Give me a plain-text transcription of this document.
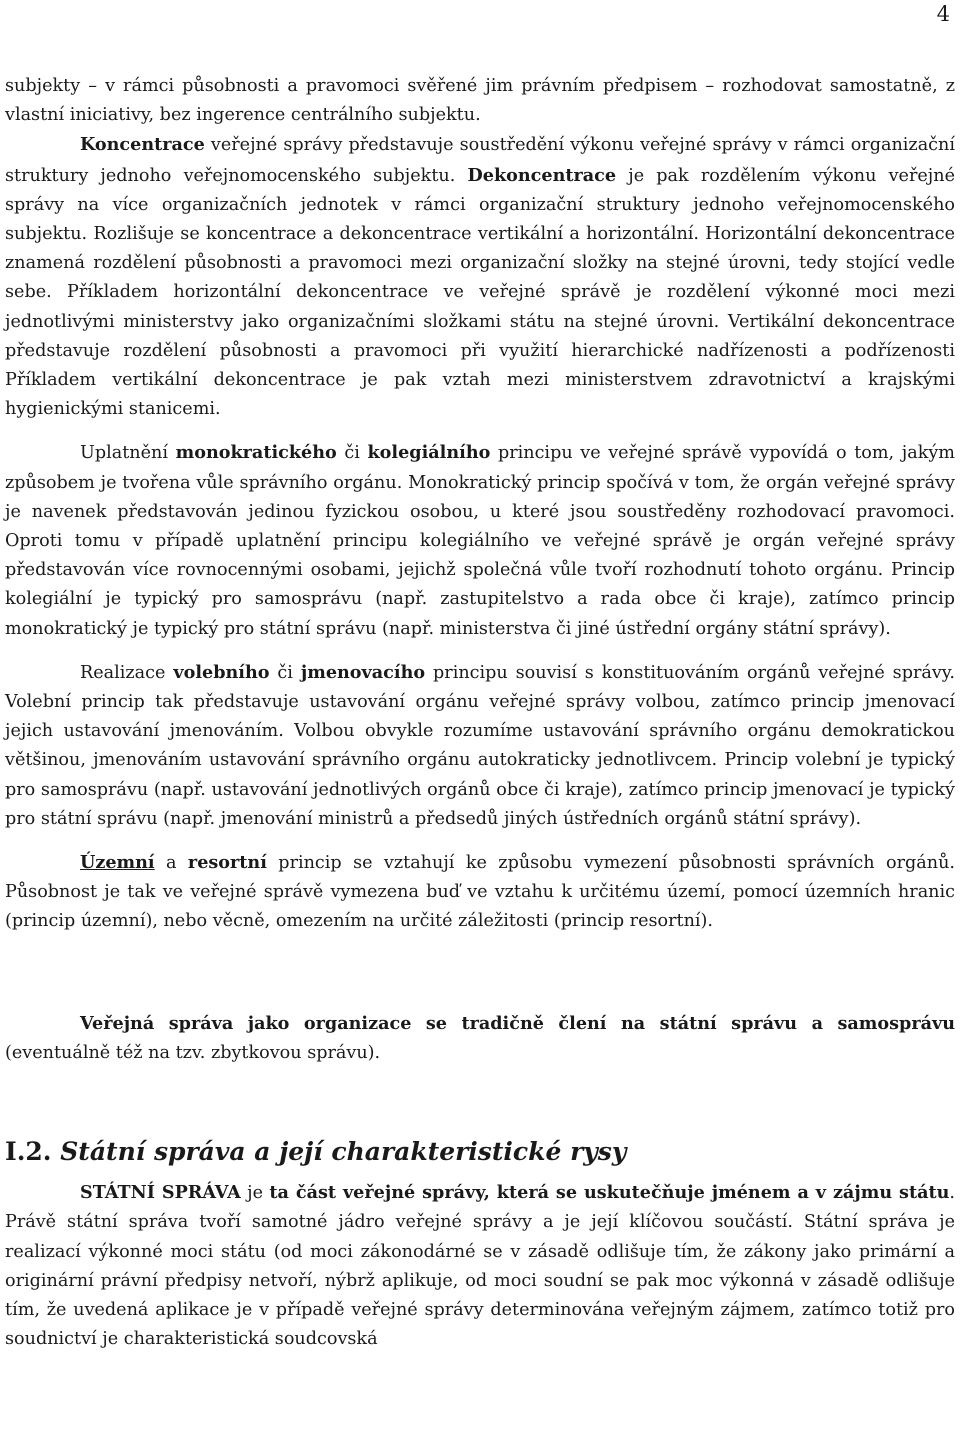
4

subjekty – v rámci působnosti a pravomoci svěřené jim právním předpisem – rozhodovat samostatně, z vlastní iniciativy, bez ingerence centrálního subjektu.

Koncentrace veřejné správy představuje soustředění výkonu veřejné správy v rámci organizační struktury jednoho veřejnomocenského subjektu. Dekoncentrace je pak rozdělením výkonu veřejné správy na více organizačních jednotek v rámci organizační struktury jednoho veřejnomocenského subjektu. Rozlišuje se koncentrace a dekoncentrace vertikální a horizontální. Horizontální dekoncentrace znamená rozdělení působnosti a pravomoci mezi organizační složky na stejné úrovni, tedy stojící vedle sebe. Příkladem horizontální dekoncentrace ve veřejné správě je rozdělení výkonné moci mezi jednotlivými ministerstvy jako organizačními složkami státu na stejné úrovni. Vertikální dekoncentrace představuje rozdělení působnosti a pravomoci při využití hierarchické nadřízenosti a podřízenosti Příkladem vertikální dekoncentrace je pak vztah mezi ministerstvem zdravotnictví a krajskými hygienickými stanicemi.

Uplatnění monokratického či kolegiálního principu ve veřejné správě vypovídá o tom, jakým způsobem je tvořena vůle správního orgánu. Monokratický princip spočívá v tom, že orgán veřejné správy je navenek představován jedinou fyzickou osobou, u které jsou soustředěny rozhodovací pravomoci. Oproti tomu v případě uplatnění principu kolegiálního ve veřejné správě je orgán veřejné správy představován více rovnocennými osobami, jejichž společná vůle tvoří rozhodnutí tohoto orgánu. Princip kolegiální je typický pro samosprávu (např. zastupitelstvo a rada obce či kraje), zatímco princip monokratický je typický pro státní správu (např. ministerstva či jiné ústřední orgány státní správy).

Realizace volebního či jmenovacího principu souvisí s konstituováním orgánů veřejné správy. Volební princip tak představuje ustavování orgánu veřejné správy volbou, zatímco princip jmenovací jejich ustavování jmenováním. Volbou obvykle rozumíme ustavování správního orgánu demokratickou většinou, jmenováním ustavování správního orgánu autokraticky jednotlivcem. Princip volební je typický pro samosprávu (např. ustavování jednotlivých orgánů obce či kraje), zatímco princip jmenovací je typický pro státní správu (např. jmenování ministrů a předsedů jiných ústředních orgánů státní správy).

Územní a resortní princip se vztahují ke způsobu vymezení působnosti správních orgánů. Působnost je tak ve veřejné správě vymezena buď ve vztahu k určitému území, pomocí územních hranic (princip územní), nebo věcně, omezením na určité záležitosti (princip resortní).

Veřejná správa jako organizace se tradičně člení na státní správu a samosprávu (eventuálně též na tzv. zbytkovou správu).

I.2. Státní správa a její charakteristické rysy

STÁTNÍ SPRÁVA je ta část veřejné správy, která se uskutečňuje jménem a v zájmu státu. Právě státní správa tvoří samotné jádro veřejné správy a je její klíčovou součástí. Státní správa je realizací výkonné moci státu (od moci zákonodárné se v zásadě odlišuje tím, že zákony jako primární a originární právní předpisy netvoří, nýbrž aplikuje, od moci soudní se pak moc výkonná v zásadě odlišuje tím, že uvedená aplikace je v případě veřejné správy determinována veřejným zájmem, zatímco totiž pro soudnictví je charakteristická soudcovská
